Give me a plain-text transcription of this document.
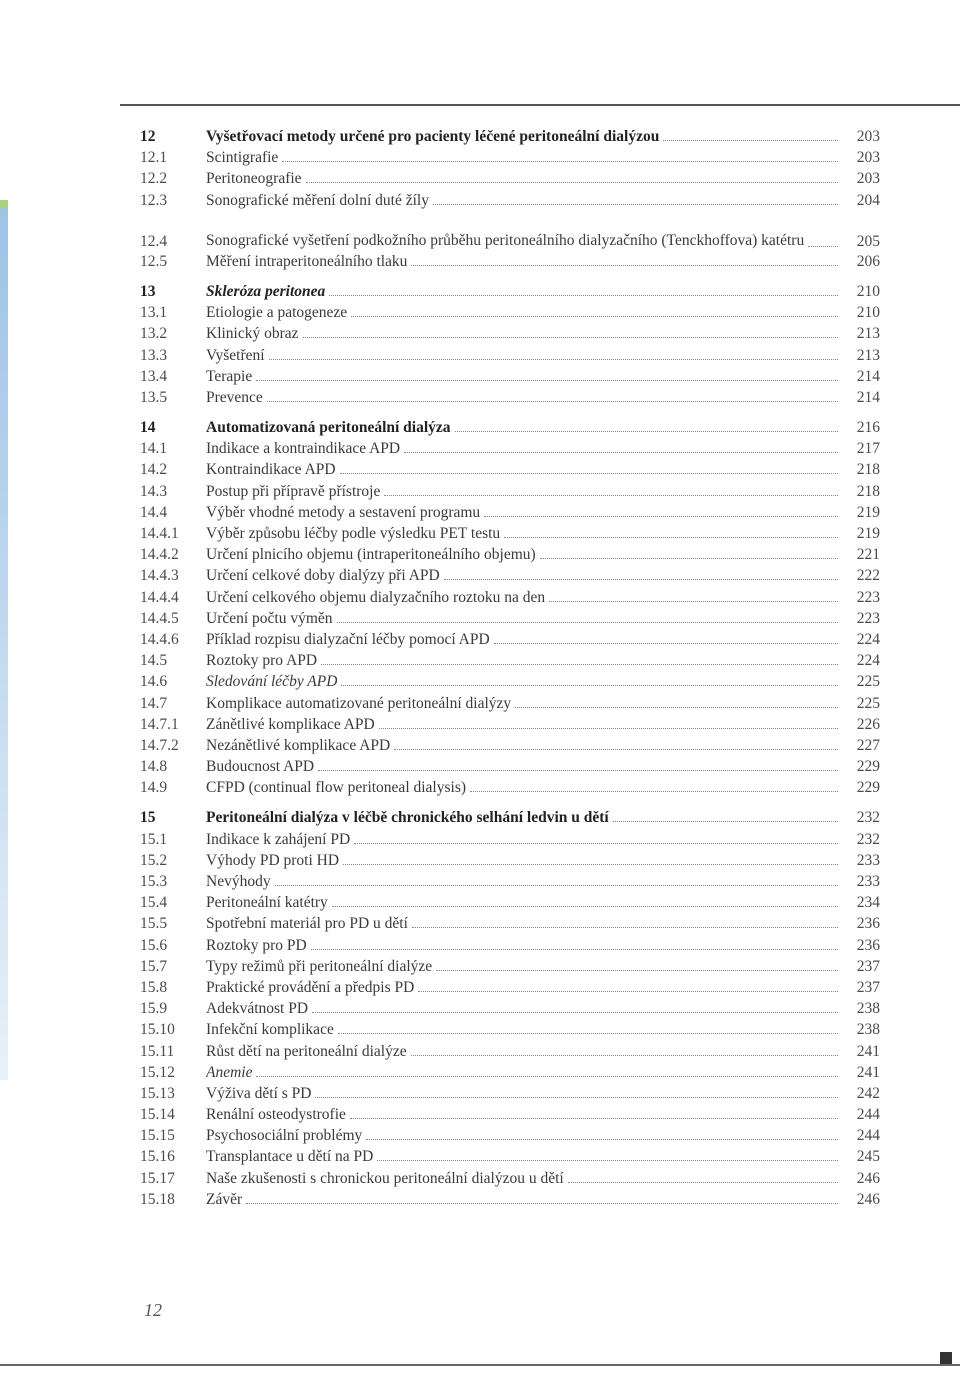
12	Vyšetřovací metody určené pro pacienty léčené peritoneální dialýzou	203
12.1	Scintigrafie	203
12.2	Peritoneografie	203
12.3	Sonografické měření dolní duté žíly	204
12.4	Sonografické vyšetření podkožního průběhu peritoneálního dialyzačního (Tenckhoffova) katétru	205
12.5	Měření intraperitoneálního tlaku	206
13	Skleróza peritonea	210
13.1	Etiologie a patogeneze	210
13.2	Klinický obraz	213
13.3	Vyšetření	213
13.4	Terapie	214
13.5	Prevence	214
14	Automatizovaná peritoneální dialýza	216
14.1	Indikace a kontraindikace APD	217
14.2	Kontraindikace APD	218
14.3	Postup při přípravě přístroje	218
14.4	Výběr vhodné metody a sestavení programu	219
14.4.1	Výběr způsobu léčby podle výsledku PET testu	219
14.4.2	Určení plnicího objemu (intraperitoneálního objemu)	221
14.4.3	Určení celkové doby dialýzy při APD	222
14.4.4	Určení celkového objemu dialyzačního roztoku na den	223
14.4.5	Určení počtu výměn	223
14.4.6	Příklad rozpisu dialyzační léčby pomocí APD	224
14.5	Roztoky pro APD	224
14.6	Sledování léčby APD	225
14.7	Komplikace automatizované peritoneální dialýzy	225
14.7.1	Zánětlivé komplikace APD	226
14.7.2	Nezánětlivé komplikace APD	227
14.8	Budoucnost APD	229
14.9	CFPD (continual flow peritoneal dialysis)	229
15	Peritoneální dialýza v léčbě chronického selhání ledvin u dětí	232
15.1	Indikace k zahájení PD	232
15.2	Výhody PD proti HD	233
15.3	Nevýhody	233
15.4	Peritoneální katétry	234
15.5	Spotřební materiál pro PD u dětí	236
15.6	Roztoky pro PD	236
15.7	Typy režimů při peritoneální dialýze	237
15.8	Praktické provádění a předpis PD	237
15.9	Adekvátnost PD	238
15.10	Infekční komplikace	238
15.11	Růst dětí na peritoneální dialýze	241
15.12	Anemie	241
15.13	Výživa dětí s PD	242
15.14	Renální osteodystrofie	244
15.15	Psychosociální problémy	244
15.16	Transplantace u dětí na PD	245
15.17	Naše zkušenosti s chronickou peritoneální dialýzou u dětí	246
15.18	Závěr	246
12
